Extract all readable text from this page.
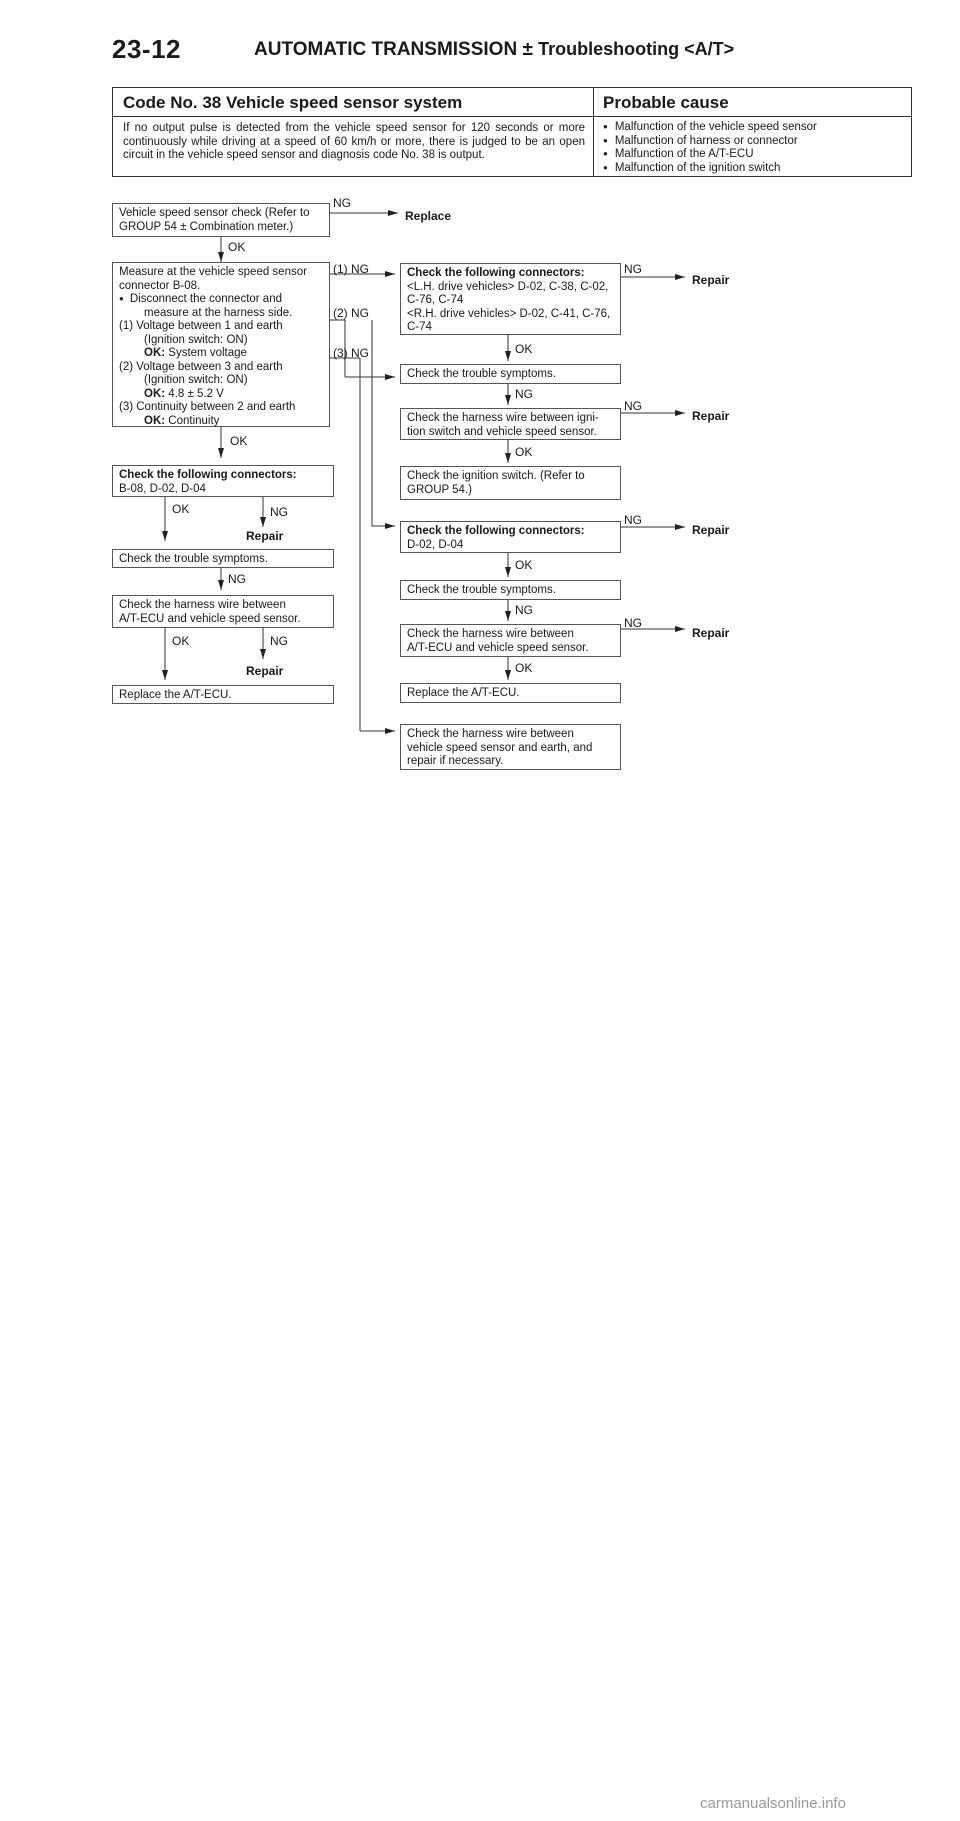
23-12	AUTOMATIC TRANSMISSION ± Troubleshooting <A/T>
Code No. 38 Vehicle speed sensor system	Probable cause
If no output pulse is detected from the vehicle speed sensor for 120 seconds or more continuously while driving at a speed of 60 km/h or more, there is judged to be an open circuit in the vehicle speed sensor and diagnosis code No. 38 is output.
● Malfunction of the vehicle speed sensor
● Malfunction of harness or connector
● Malfunction of the A/T-ECU
● Malfunction of the ignition switch
Vehicle speed sensor check (Refer to
GROUP 54 ± Combination meter.)
Replace
NG
OK
Measure at the vehicle speed sensor
connector B-08.
● Disconnect the connector and
measure at the harness side.
(1) Voltage between 1 and earth
(Ignition switch: ON)
OK: System voltage
(2) Voltage between 3 and earth
(Ignition switch: ON)
OK: 4.8 ± 5.2 V
(3) Continuity between 2 and earth
OK: Continuity
(1) NG
(2) NG
(3) NG
OK
Check the following connectors:
B-08, D-02, D-04
OK	NG
Repair
Check the trouble symptoms.
NG
Check the harness wire between
A/T-ECU and vehicle speed sensor.
OK	NG
Repair
Replace the A/T-ECU.
Check the following connectors:
<L.H. drive vehicles> D-02, C-38, C-02,
C-76, C-74
<R.H. drive vehicles> D-02, C-41, C-76,
C-74
NG
Repair
OK
Check the trouble symptoms.
NG
Check the harness wire between igni-
tion switch and vehicle speed sensor.
NG
Repair
OK
Check the ignition switch. (Refer to
GROUP 54.)
Check the following connectors:
D-02, D-04
NG
Repair
OK
Check the trouble symptoms.
NG
Check the harness wire between
A/T-ECU and vehicle speed sensor.
NG
Repair
OK
Replace the A/T-ECU.
Check the harness wire between
vehicle speed sensor and earth, and
repair if necessary.
carmanualsonline.info
